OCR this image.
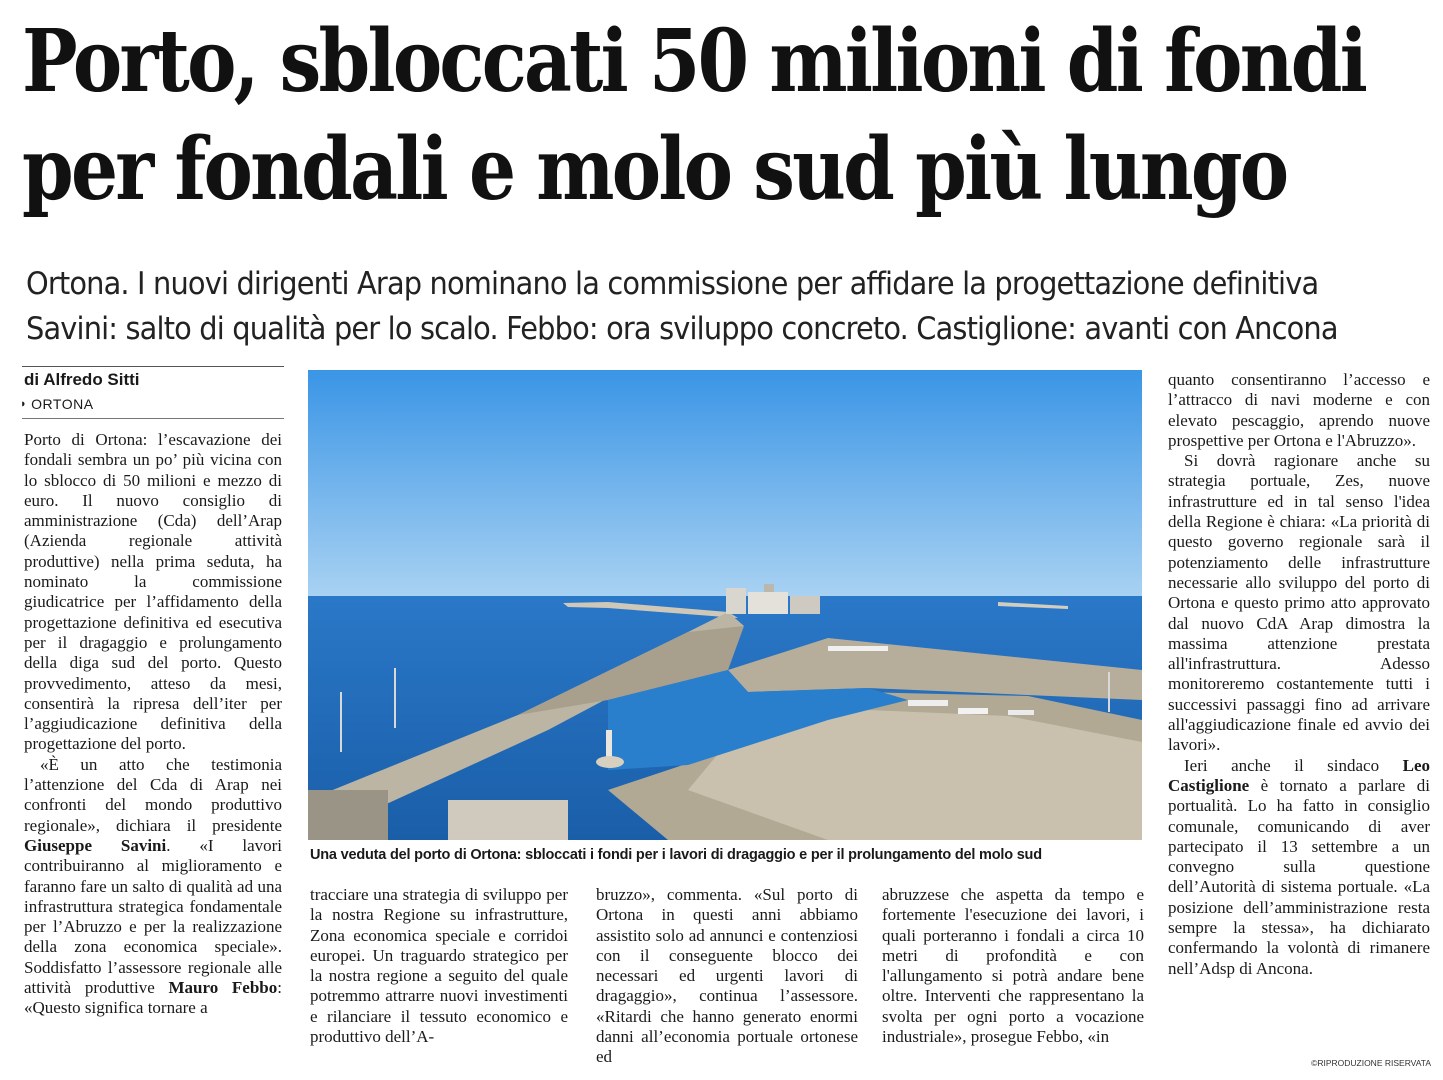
Porto, sbloccati 50 milioni di fondi
per fondali e molo sud più lungo
Ortona. I nuovi dirigenti Arap nominano la commissione per affidare la progettazione definitiva
Savini: salto di qualità per lo scalo. Febbo: ora sviluppo concreto. Castiglione: avanti con Ancona
di Alfredo Sitti
◗ ORTONA

Porto di Ortona: l’escavazione dei fondali sembra un po’ più vicina con lo sblocco di 50 milioni e mezzo di euro. Il nuovo consiglio di amministrazione (Cda) dell’Arap (Azienda regionale attività produttive) nella prima seduta, ha nominato la commissione giudicatrice per l’affidamento della progettazione definitiva ed esecutiva per il dragaggio e prolungamento della diga sud del porto. Questo provvedimento, atteso da mesi, consentirà la ripresa dell’iter per l’aggiudicazione definitiva della progettazione del porto.

«È un atto che testimonia l’attenzione del Cda di Arap nei confronti del mondo produttivo regionale», dichiara il presidente Giuseppe Savini. «I lavori contribuiranno al miglioramento e faranno fare un salto di qualità ad una infrastruttura strategica fondamentale per l’Abruzzo e per la realizzazione della zona economica speciale». Soddisfatto l’assessore regionale alle attività produttive Mauro Febbo: «Questo significa tornare a

Una veduta del porto di Ortona: sbloccati i fondi per i lavori di dragaggio e per il prolungamento del molo sud

tracciare una strategia di sviluppo per la nostra Regione su infrastrutture, Zona economica speciale e corridoi europei. Un traguardo strategico per la nostra regione a seguito del quale potremmo attrarre nuovi investimenti e rilanciare il tessuto economico e produttivo dell’A-

bruzzo», commenta. «Sul porto di Ortona in questi anni abbiamo assistito solo ad annunci e contenziosi con il conseguente blocco dei necessari ed urgenti lavori di dragaggio», continua l’assessore. «Ritardi che hanno generato enormi danni all’economia portuale ortonese ed

abruzzese che aspetta da tempo e fortemente l'esecuzione dei lavori, i quali porteranno i fondali a circa 10 metri di profondità e con l'allungamento si potrà andare bene oltre. Interventi che rappresentano la svolta per ogni porto a vocazione industriale», prosegue Febbo, «in

quanto consentiranno l’accesso e l’attracco di navi moderne e con elevato pescaggio, aprendo nuove prospettive per Ortona e l'Abruzzo».

Si dovrà ragionare anche su strategia portuale, Zes, nuove infrastrutture ed in tal senso l'idea della Regione è chiara: «La priorità di questo governo regionale sarà il potenziamento delle infrastrutture necessarie allo sviluppo del porto di Ortona e questo primo atto approvato dal nuovo CdA Arap dimostra la massima attenzione prestata all'infrastruttura. Adesso monitoreremo costantemente tutti i successivi passaggi fino ad arrivare all'aggiudicazione finale ed avvio dei lavori».

Ieri anche il sindaco Leo Castiglione è tornato a parlare di portualità. Lo ha fatto in consiglio comunale, comunicando di aver partecipato il 13 settembre a un convegno sulla questione dell’Autorità di sistema portuale. «La posizione dell’amministrazione resta sempre la stessa», ha dichiarato confermando la volontà di rimanere nell’Adsp di Ancona.

©RIPRODUZIONE RISERVATA
